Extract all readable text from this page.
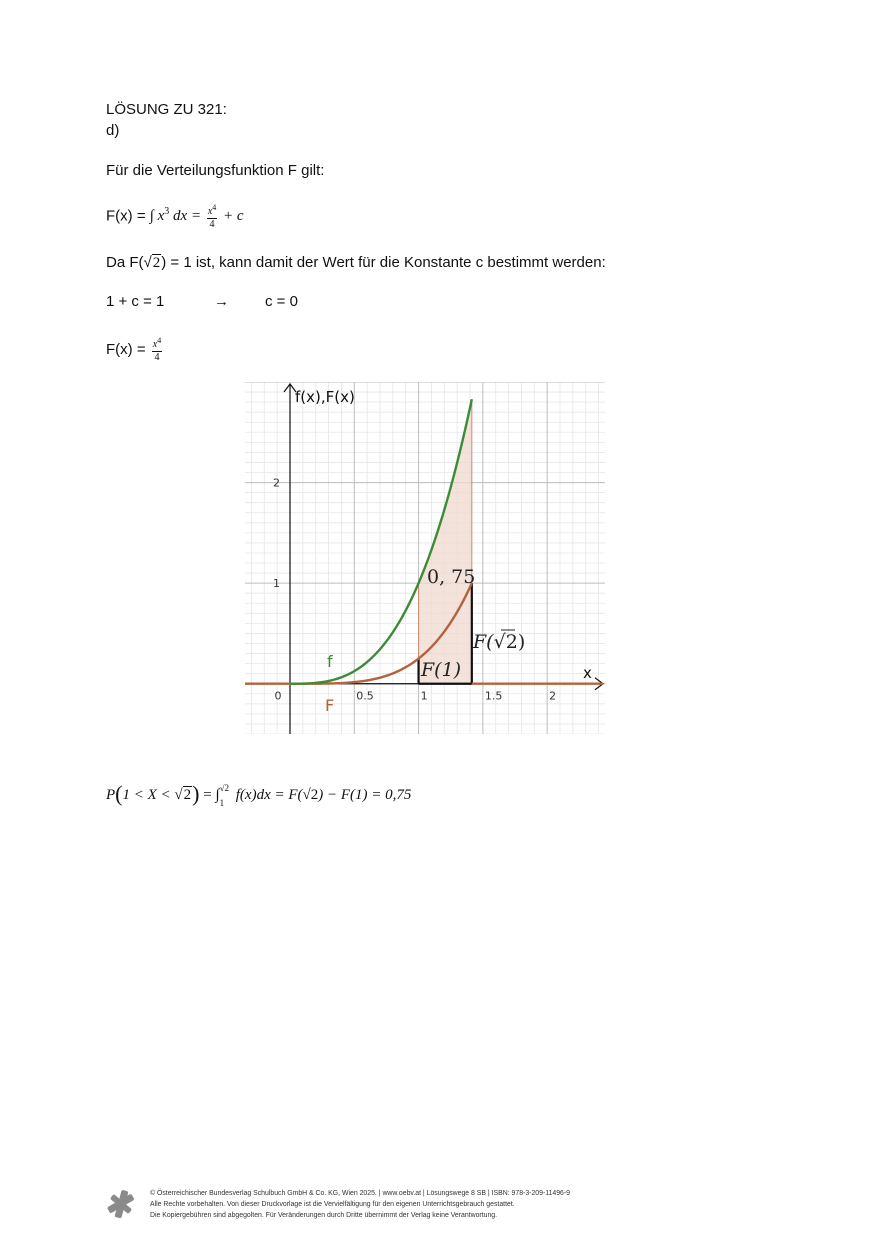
LÖSUNG ZU 321:
d)
Für die Verteilungsfunktion F gilt:
F(x) = ∫ $x^3$ dx = $\frac{x^4}{4} + c$
Da F(√2) = 1 ist, kann damit der Wert für die Konstante c bestimmt werden:
1 + c = 1	→ c = 0
$F(x) = \frac{x^4}{4}$
0	0.5	1	1.5	2
1
2
f(x),F(x)
x
f
F
0, 75
F(√2)
F(1)
P(1 < X < √2) = ∫ √2
1 f(x)dx = F(√2) − F(1) = 0,75
© Österreichischer Bundesverlag Schulbuch GmbH & Co. KG, Wien 2025. | www.oebv.at | Lösungswege 8 SB | ISBN: 978-3-209-11496-9
Alle Rechte vorbehalten. Von dieser Druckvorlage ist die Vervielfältigung für den eigenen Unterrichtsgebrauch gestattet.
Die Kopiergebühren sind abgegolten. Für Veränderungen durch Dritte übernimmt der Verlag keine Verantwortung.
